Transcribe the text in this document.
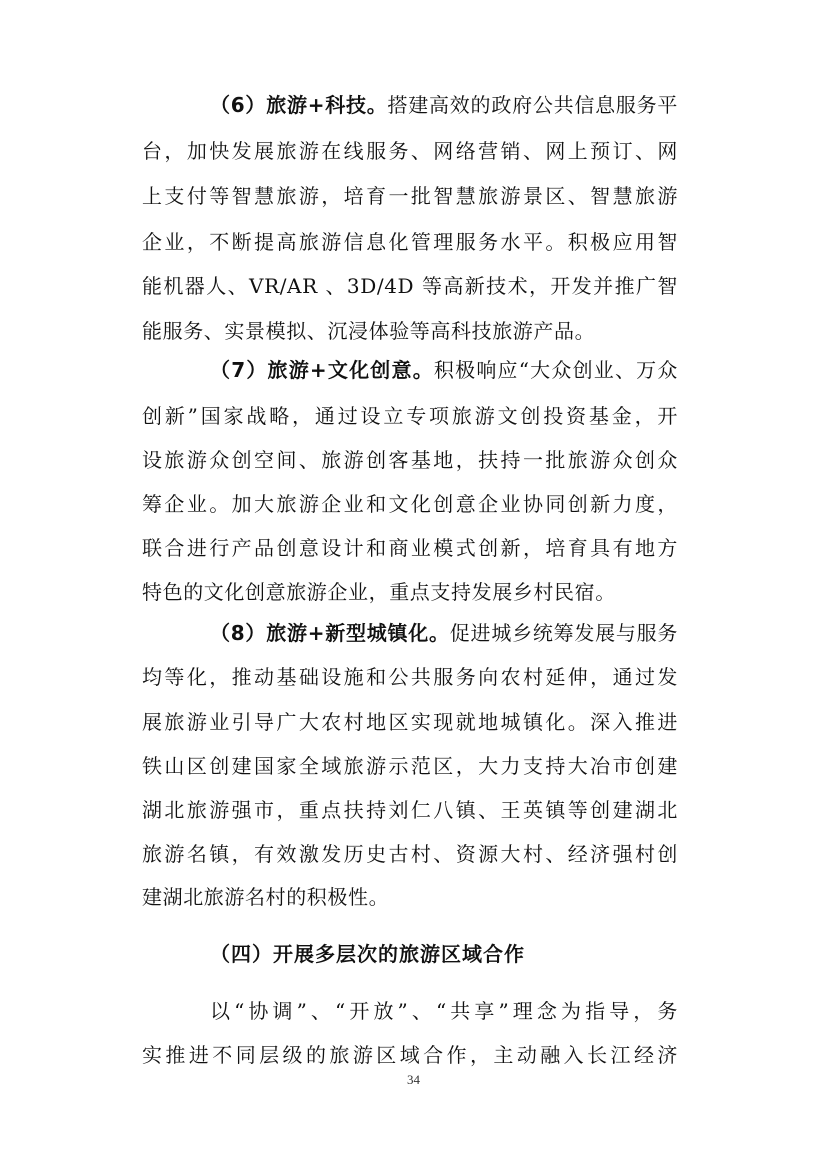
（6）旅游+科技。搭建高效的政府公共信息服务平
台，加快发展旅游在线服务、网络营销、网上预订、网
上支付等智慧旅游，培育一批智慧旅游景区、智慧旅游
企业，不断提高旅游信息化管理服务水平。积极应用智
能机器人、VR/AR 、3D/4D 等高新技术，开发并推广智
能服务、实景模拟、沉浸体验等高科技旅游产品。
（7）旅游+文化创意。积极响应“大众创业、万众
创新”国家战略，通过设立专项旅游文创投资基金，开
设旅游众创空间、旅游创客基地，扶持一批旅游众创众
筹企业。加大旅游企业和文化创意企业协同创新力度，
联合进行产品创意设计和商业模式创新，培育具有地方
特色的文化创意旅游企业，重点支持发展乡村民宿。
（8）旅游+新型城镇化。促进城乡统筹发展与服务
均等化，推动基础设施和公共服务向农村延伸，通过发
展旅游业引导广大农村地区实现就地城镇化。深入推进
铁山区创建国家全域旅游示范区，大力支持大冶市创建
湖北旅游强市，重点扶持刘仁八镇、王英镇等创建湖北
旅游名镇，有效激发历史古村、资源大村、经济强村创
建湖北旅游名村的积极性。
（四）开展多层次的旅游区域合作
以“协调”、“开放”、“共享”理念为指导，务
实推进不同层级的旅游区域合作，主动融入长江经济
34
